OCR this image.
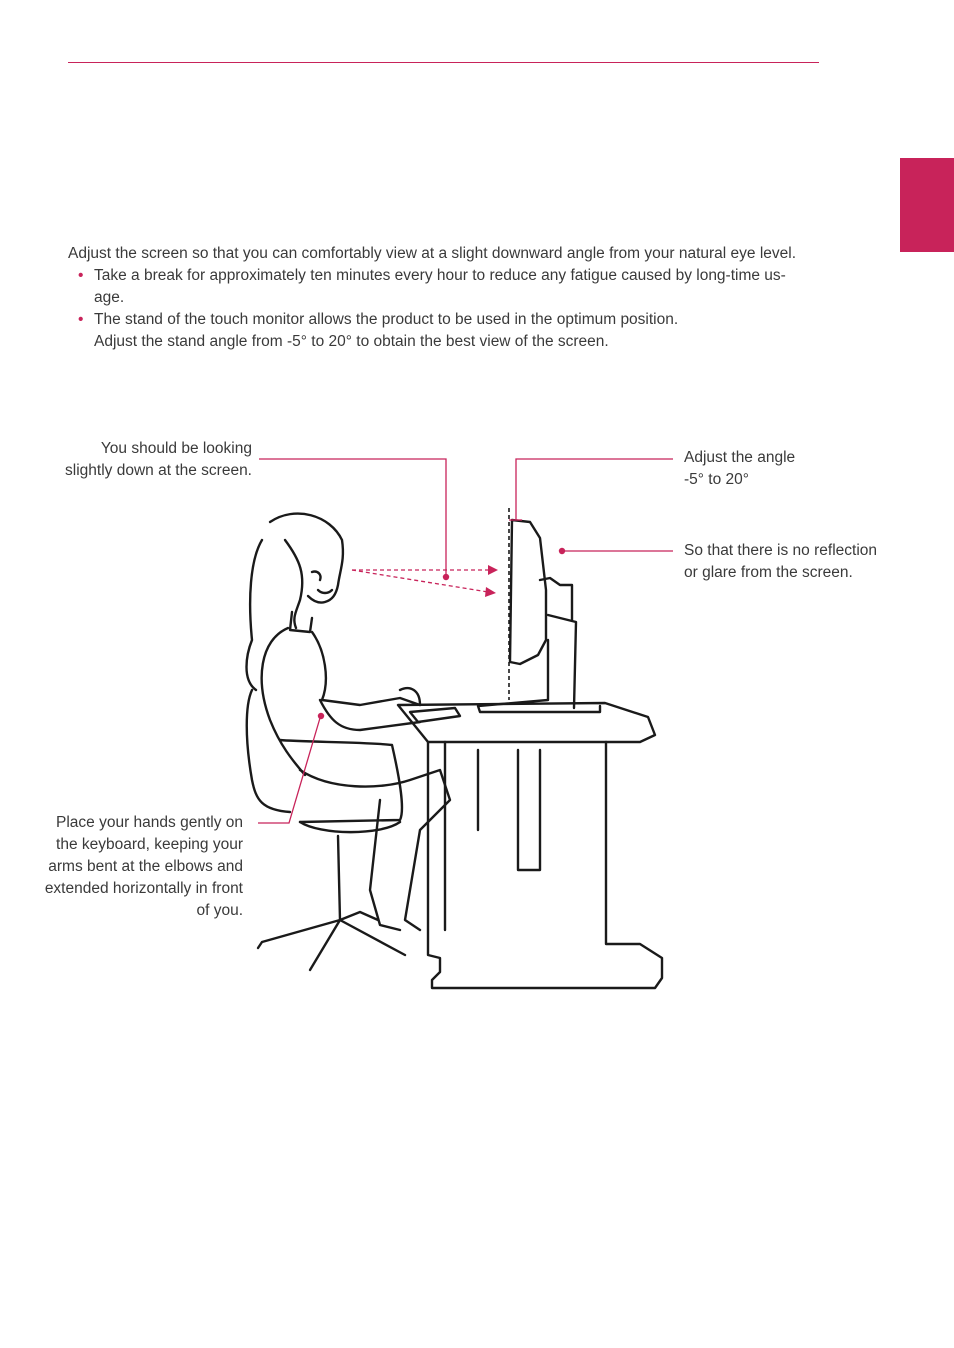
Adjust the screen so that you can comfortably view at a slight downward angle from your natural eye level.

• Take a break for approximately ten minutes every hour to reduce any fatigue caused by long-time us-
age.
• The stand of the touch monitor allows the product to be used in the optimum position.
Adjust the stand angle from -5° to 20° to obtain the best view of the screen.

You should be looking
slightly down at the screen.

Adjust the angle
-5° to 20°

So that there is no reflection
or glare from the screen.

Place your hands gently on
the keyboard, keeping your
arms bent at the elbows and
extended horizontally in front
of you.
